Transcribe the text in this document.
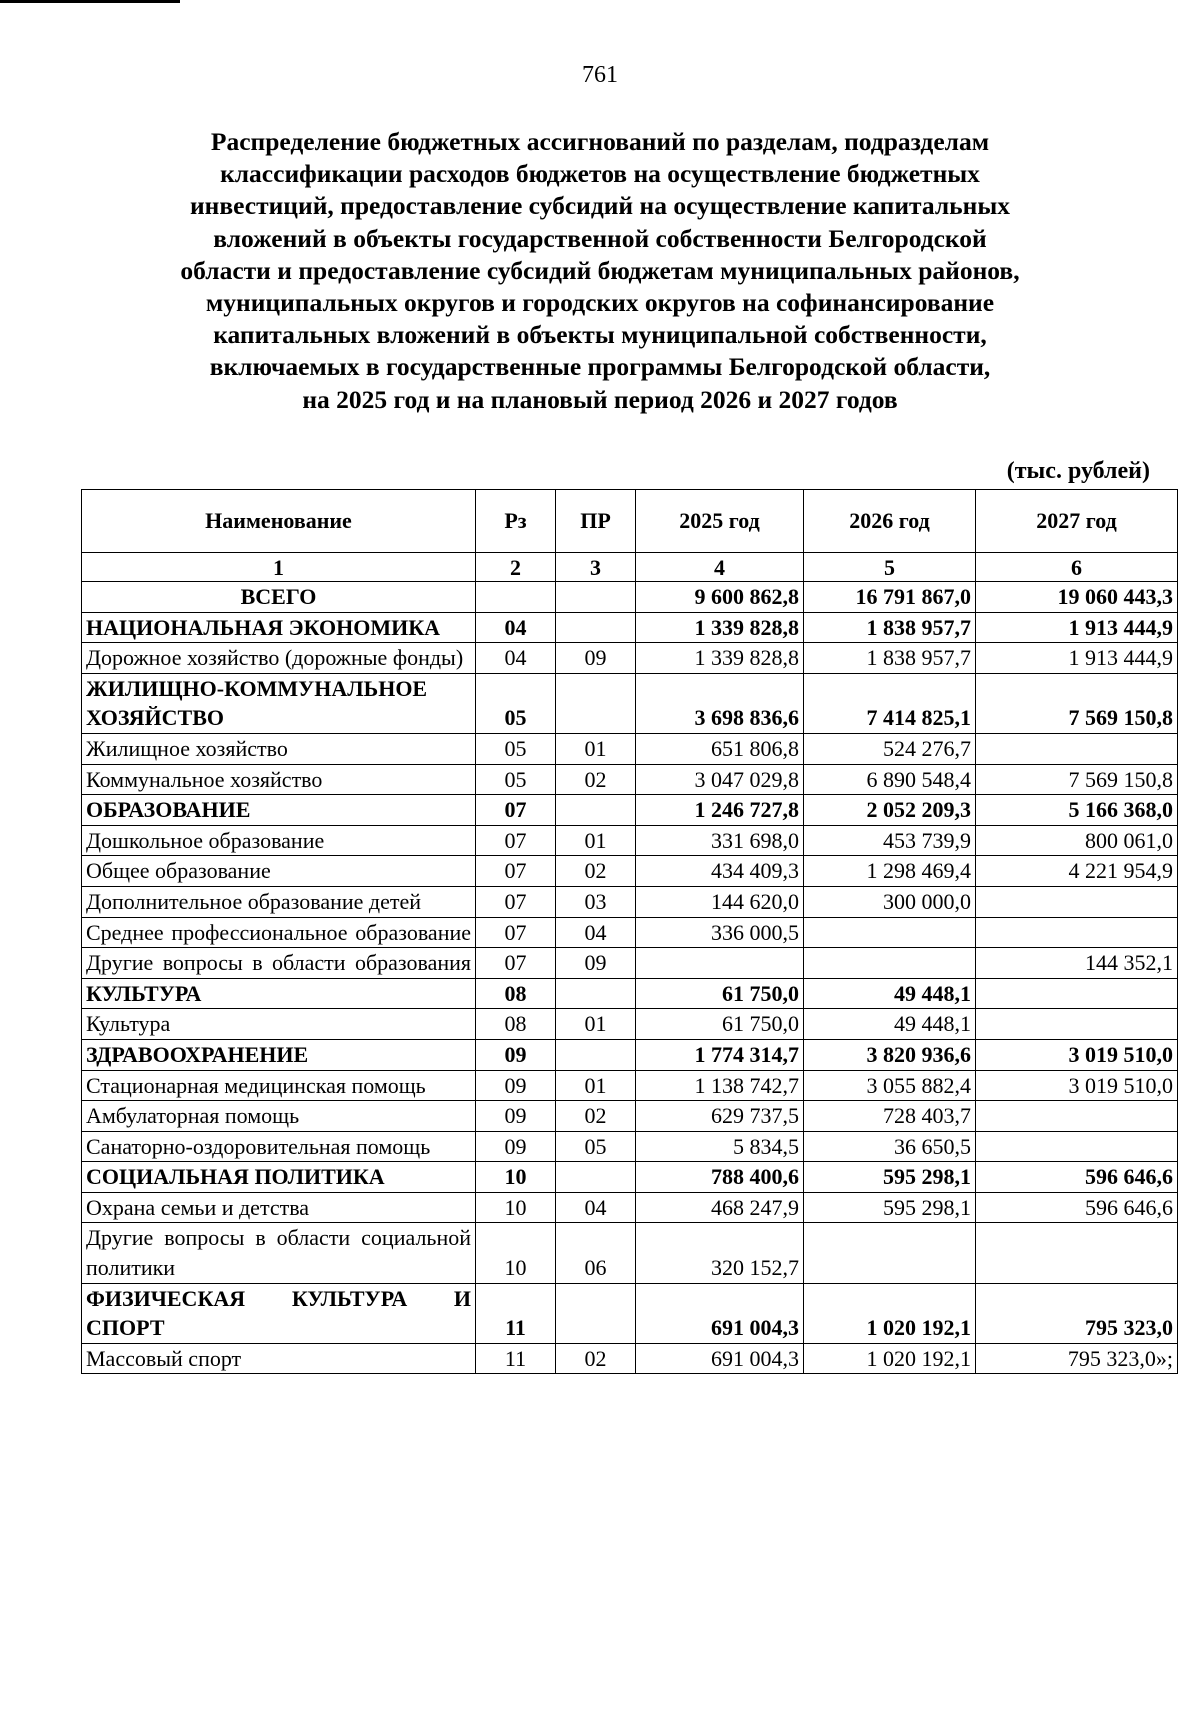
761
Распределение бюджетных ассигнований по разделам, подразделам
классификации расходов бюджетов на осуществление бюджетных
инвестиций, предоставление субсидий на осуществление капитальных
вложений в объекты государственной собственности Белгородской
области и предоставление субсидий бюджетам муниципальных районов,
муниципальных округов и городских округов на софинансирование
капитальных вложений в объекты муниципальной собственности,
включаемых в государственные программы Белгородской области,
на 2025 год и на плановый период 2026 и 2027 годов
(тыс. рублей)
Наименование	Рз	ПР	2025 год	2026 год	2027 год
1	2	3	4	5	6
ВСЕГО			9 600 862,8	16 791 867,0	19 060 443,3
НАЦИОНАЛЬНАЯ ЭКОНОМИКА	04		1 339 828,8	1 838 957,7	1 913 444,9
Дорожное хозяйство (дорожные фонды)	04	09	1 339 828,8	1 838 957,7	1 913 444,9
ЖИЛИЩНО-КОММУНАЛЬНОЕ ХОЗЯЙСТВО	05		3 698 836,6	7 414 825,1	7 569 150,8
Жилищное хозяйство	05	01	651 806,8	524 276,7	
Коммунальное хозяйство	05	02	3 047 029,8	6 890 548,4	7 569 150,8
ОБРАЗОВАНИЕ	07		1 246 727,8	2 052 209,3	5 166 368,0
Дошкольное образование	07	01	331 698,0	453 739,9	800 061,0
Общее образование	07	02	434 409,3	1 298 469,4	4 221 954,9
Дополнительное образование детей	07	03	144 620,0	300 000,0	
Среднее профессиональное образование	07	04	336 000,5		
Другие вопросы в области образования	07	09			144 352,1
КУЛЬТУРА	08		61 750,0	49 448,1	
Культура	08	01	61 750,0	49 448,1	
ЗДРАВООХРАНЕНИЕ	09		1 774 314,7	3 820 936,6	3 019 510,0
Стационарная медицинская помощь	09	01	1 138 742,7	3 055 882,4	3 019 510,0
Амбулаторная помощь	09	02	629 737,5	728 403,7	
Санаторно-оздоровительная помощь	09	05	5 834,5	36 650,5	
СОЦИАЛЬНАЯ ПОЛИТИКА	10		788 400,6	595 298,1	596 646,6
Охрана семьи и детства	10	04	468 247,9	595 298,1	596 646,6
Другие вопросы в области социальной политики	10	06	320 152,7		
ФИЗИЧЕСКАЯ КУЛЬТУРА И СПОРТ	11		691 004,3	1 020 192,1	795 323,0
Массовый спорт	11	02	691 004,3	1 020 192,1	795 323,0»;
